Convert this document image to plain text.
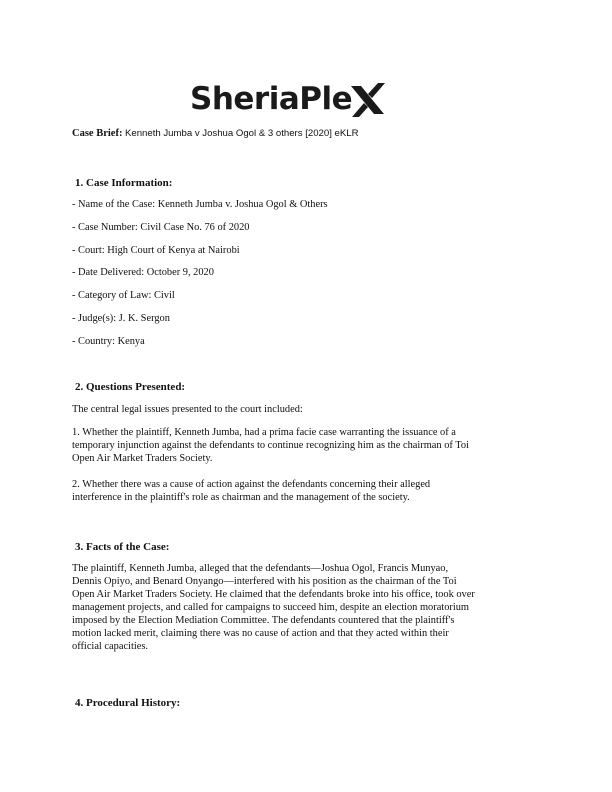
SheriaPle
Case Brief: Kenneth Jumba v Joshua Ogol & 3 others [2020] eKLR
1. Case Information:

- Name of the Case: Kenneth Jumba v. Joshua Ogol & Others

- Case Number: Civil Case No. 76 of 2020

- Court: High Court of Kenya at Nairobi

- Date Delivered: October 9, 2020

- Category of Law: Civil

- Judge(s): J. K. Sergon

- Country: Kenya

2. Questions Presented:

The central legal issues presented to the court included:

1. Whether the plaintiff, Kenneth Jumba, had a prima facie case warranting the issuance of a
temporary injunction against the defendants to continue recognizing him as the chairman of Toi
Open Air Market Traders Society.
2. Whether there was a cause of action against the defendants concerning their alleged
interference in the plaintiff's role as chairman and the management of the society.
3. Facts of the Case:
The plaintiff, Kenneth Jumba, alleged that the defendants—Joshua Ogol, Francis Munyao,
Dennis Opiyo, and Benard Onyango—interfered with his position as the chairman of the Toi
Open Air Market Traders Society. He claimed that the defendants broke into his office, took over
management projects, and called for campaigns to succeed him, despite an election moratorium
imposed by the Election Mediation Committee. The defendants countered that the plaintiff's
motion lacked merit, claiming there was no cause of action and that they acted within their
official capacities.
4. Procedural History:
